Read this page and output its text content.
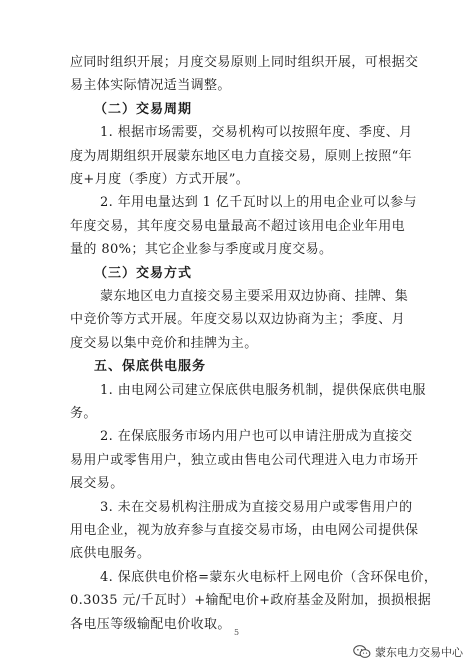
应同时组织开展；月度交易原则上同时组织开展，可根据交
易主体实际情况适当调整。
（二）交易周期
1. 根据市场需要，交易机构可以按照年度、季度、月
度为周期组织开展蒙东地区电力直接交易，原则上按照“年
度+月度（季度）方式开展”。
2. 年用电量达到 1 亿千瓦时以上的用电企业可以参与
年度交易，其年度交易电量最高不超过该用电企业年用电
量的 80%；其它企业参与季度或月度交易。
（三）交易方式
蒙东地区电力直接交易主要采用双边协商、挂牌、集
中竞价等方式开展。年度交易以双边协商为主；季度、月
度交易以集中竞价和挂牌为主。
五、保底供电服务
1. 由电网公司建立保底供电服务机制，提供保底供电服
务。
2. 在保底服务市场内用户也可以申请注册成为直接交
易用户或零售用户，独立或由售电公司代理进入电力市场开
展交易。
3. 未在交易机构注册成为直接交易用户或零售用户的
用电企业，视为放弃参与直接交易市场，由电网公司提供保
底供电服务。
4. 保底供电价格=蒙东火电标杆上网电价（含环保电价，
0.3035 元/千瓦时）+输配电价+政府基金及附加，损损根据
各电压等级输配电价收取。
5
蒙东电力交易中心
